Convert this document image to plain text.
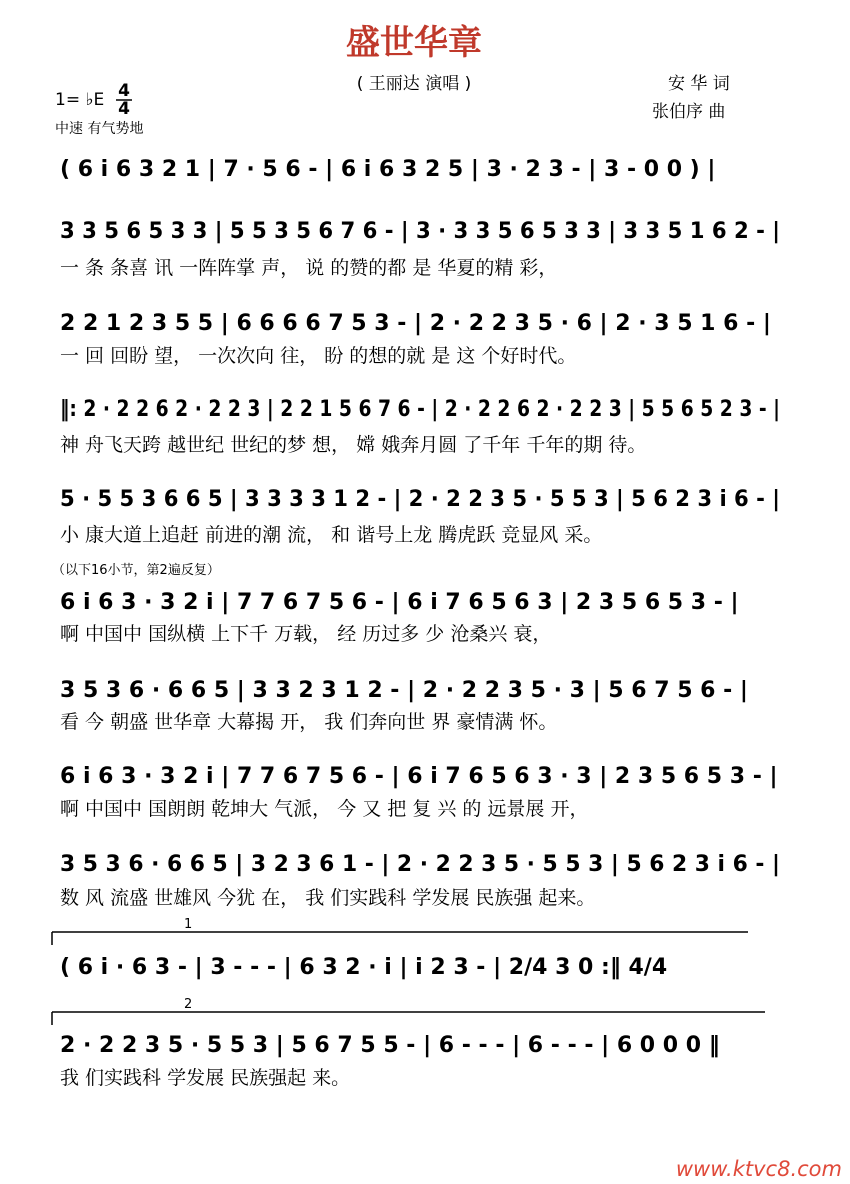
盛世华章
( 王丽达 演唱 )	安 华 词
张伯序 曲
1= ♭E 4
4
中速 有气势地
( 6 i 6 3 2 1 | 7 · 5 6 - | 6 i 6 3 2 5 | 3 · 2 3 - | 3 - 0 0 ) |
3 3 5 6 5 3 3 | 5 5 3 5 6 7 6 - | 3 · 3 3 5 6 5 3 3 | 3 3 5 1 6 2 - |
一 条 条喜 讯 一阵阵掌 声， 说 的赞的都 是 华夏的精 彩，
2 2 1 2 3 5 5 | 6 6 6 6 7 5 3 - | 2 · 2 2 3 5 · 6 | 2 · 3 5 1 6 - |
一 回 回盼 望， 一次次向 往， 盼 的想的就 是 这 个好时代。
‖: 2 · 2 2 6 2 · 2 2 3 | 2 2 1 5 6 7 6 - | 2 · 2 2 6 2 · 2 2 3 | 5 5 6 5 2 3 - |
神 舟飞天跨 越世纪 世纪的梦 想， 嫦 娥奔月圆 了千年 千年的期 待。
5 · 5 5 3 6 6 5 | 3 3 3 3 1 2 - | 2 · 2 2 3 5 · 5 5 3 | 5 6 2 3 i 6 - |
小 康大道上追赶 前进的潮 流， 和 谐号上龙 腾虎跃 竞显风 采。
（以下16小节，第2遍反复）
6 i 6 3 · 3 2 i | 7 7 6 7 5 6 - | 6 i 7 6 5 6 3 | 2 3 5 6 5 3 - |
啊 中国中 国纵横 上下千 万载， 经 历过多 少 沧桑兴 衰，
3 5 3 6 · 6 6 5 | 3 3 2 3 1 2 - | 2 · 2 2 3 5 · 3 | 5 6 7 5 6 - |
看 今 朝盛 世华章 大幕揭 开， 我 们奔向世 界 豪情满 怀。
6 i 6 3 · 3 2 i | 7 7 6 7 5 6 - | 6 i 7 6 5 6 3 · 3 | 2 3 5 6 5 3 - |
啊 中国中 国朗朗 乾坤大 气派， 今 又 把 复 兴 的 远景展 开，
3 5 3 6 · 6 6 5 | 3 2 3 6 1 - | 2 · 2 2 3 5 · 5 5 3 | 5 6 2 3 i 6 - |
数 风 流盛 世雄风 今犹 在， 我 们实践科 学发展 民族强 起来。
1
( 6 i · 6 3 - | 3 - - - | 6 3 2 · i | i 2 3 - | 2/4 3 0 :‖ 4/4
2
2 · 2 2 3 5 · 5 5 3 | 5 6 7 5 5 - | 6 - - - | 6 - - - | 6 0 0 0 ‖
我 们实践科 学发展 民族强起 来。
www.ktvc8.com
